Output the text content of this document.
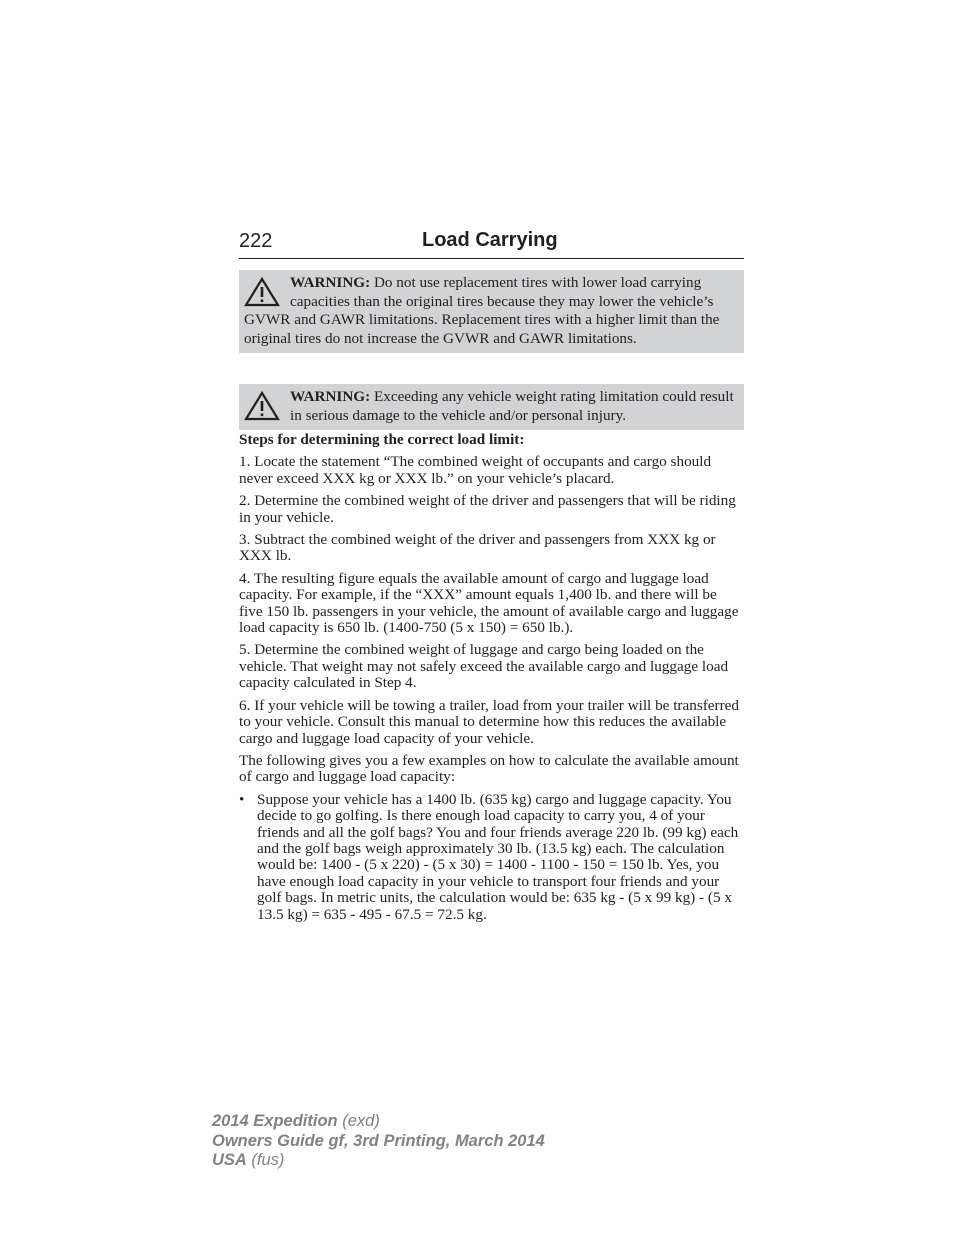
222	Load Carrying
WARNING: Do not use replacement tires with lower load carrying capacities than the original tires because they may lower the vehicle’s GVWR and GAWR limitations. Replacement tires with a higher limit than the original tires do not increase the GVWR and GAWR limitations.
WARNING: Exceeding any vehicle weight rating limitation could result in serious damage to the vehicle and/or personal injury.

Steps for determining the correct load limit:

1. Locate the statement “The combined weight of occupants and cargo should never exceed XXX kg or XXX lb.” on your vehicle’s placard.

2. Determine the combined weight of the driver and passengers that will be riding in your vehicle.

3. Subtract the combined weight of the driver and passengers from XXX kg or XXX lb.

4. The resulting figure equals the available amount of cargo and luggage load capacity. For example, if the “XXX” amount equals 1,400 lb. and there will be five 150 lb. passengers in your vehicle, the amount of available cargo and luggage load capacity is 650 lb. (1400-750 (5 x 150) = 650 lb.).

5. Determine the combined weight of luggage and cargo being loaded on the vehicle. That weight may not safely exceed the available cargo and luggage load capacity calculated in Step 4.

6. If your vehicle will be towing a trailer, load from your trailer will be transferred to your vehicle. Consult this manual to determine how this reduces the available cargo and luggage load capacity of your vehicle.

The following gives you a few examples on how to calculate the available amount of cargo and luggage load capacity:

• Suppose your vehicle has a 1400 lb. (635 kg) cargo and luggage capacity. You decide to go golfing. Is there enough load capacity to carry you, 4 of your friends and all the golf bags? You and four friends average 220 lb. (99 kg) each and the golf bags weigh approximately 30 lb. (13.5 kg) each. The calculation would be: 1400 - (5 x 220) - (5 x 30) = 1400 - 1100 - 150 = 150 lb. Yes, you have enough load capacity in your vehicle to transport four friends and your golf bags. In metric units, the calculation would be: 635 kg - (5 x 99 kg) - (5 x 13.5 kg) = 635 - 495 - 67.5 = 72.5 kg.

2014 Expedition (exd)
Owners Guide gf, 3rd Printing, March 2014
USA (fus)
